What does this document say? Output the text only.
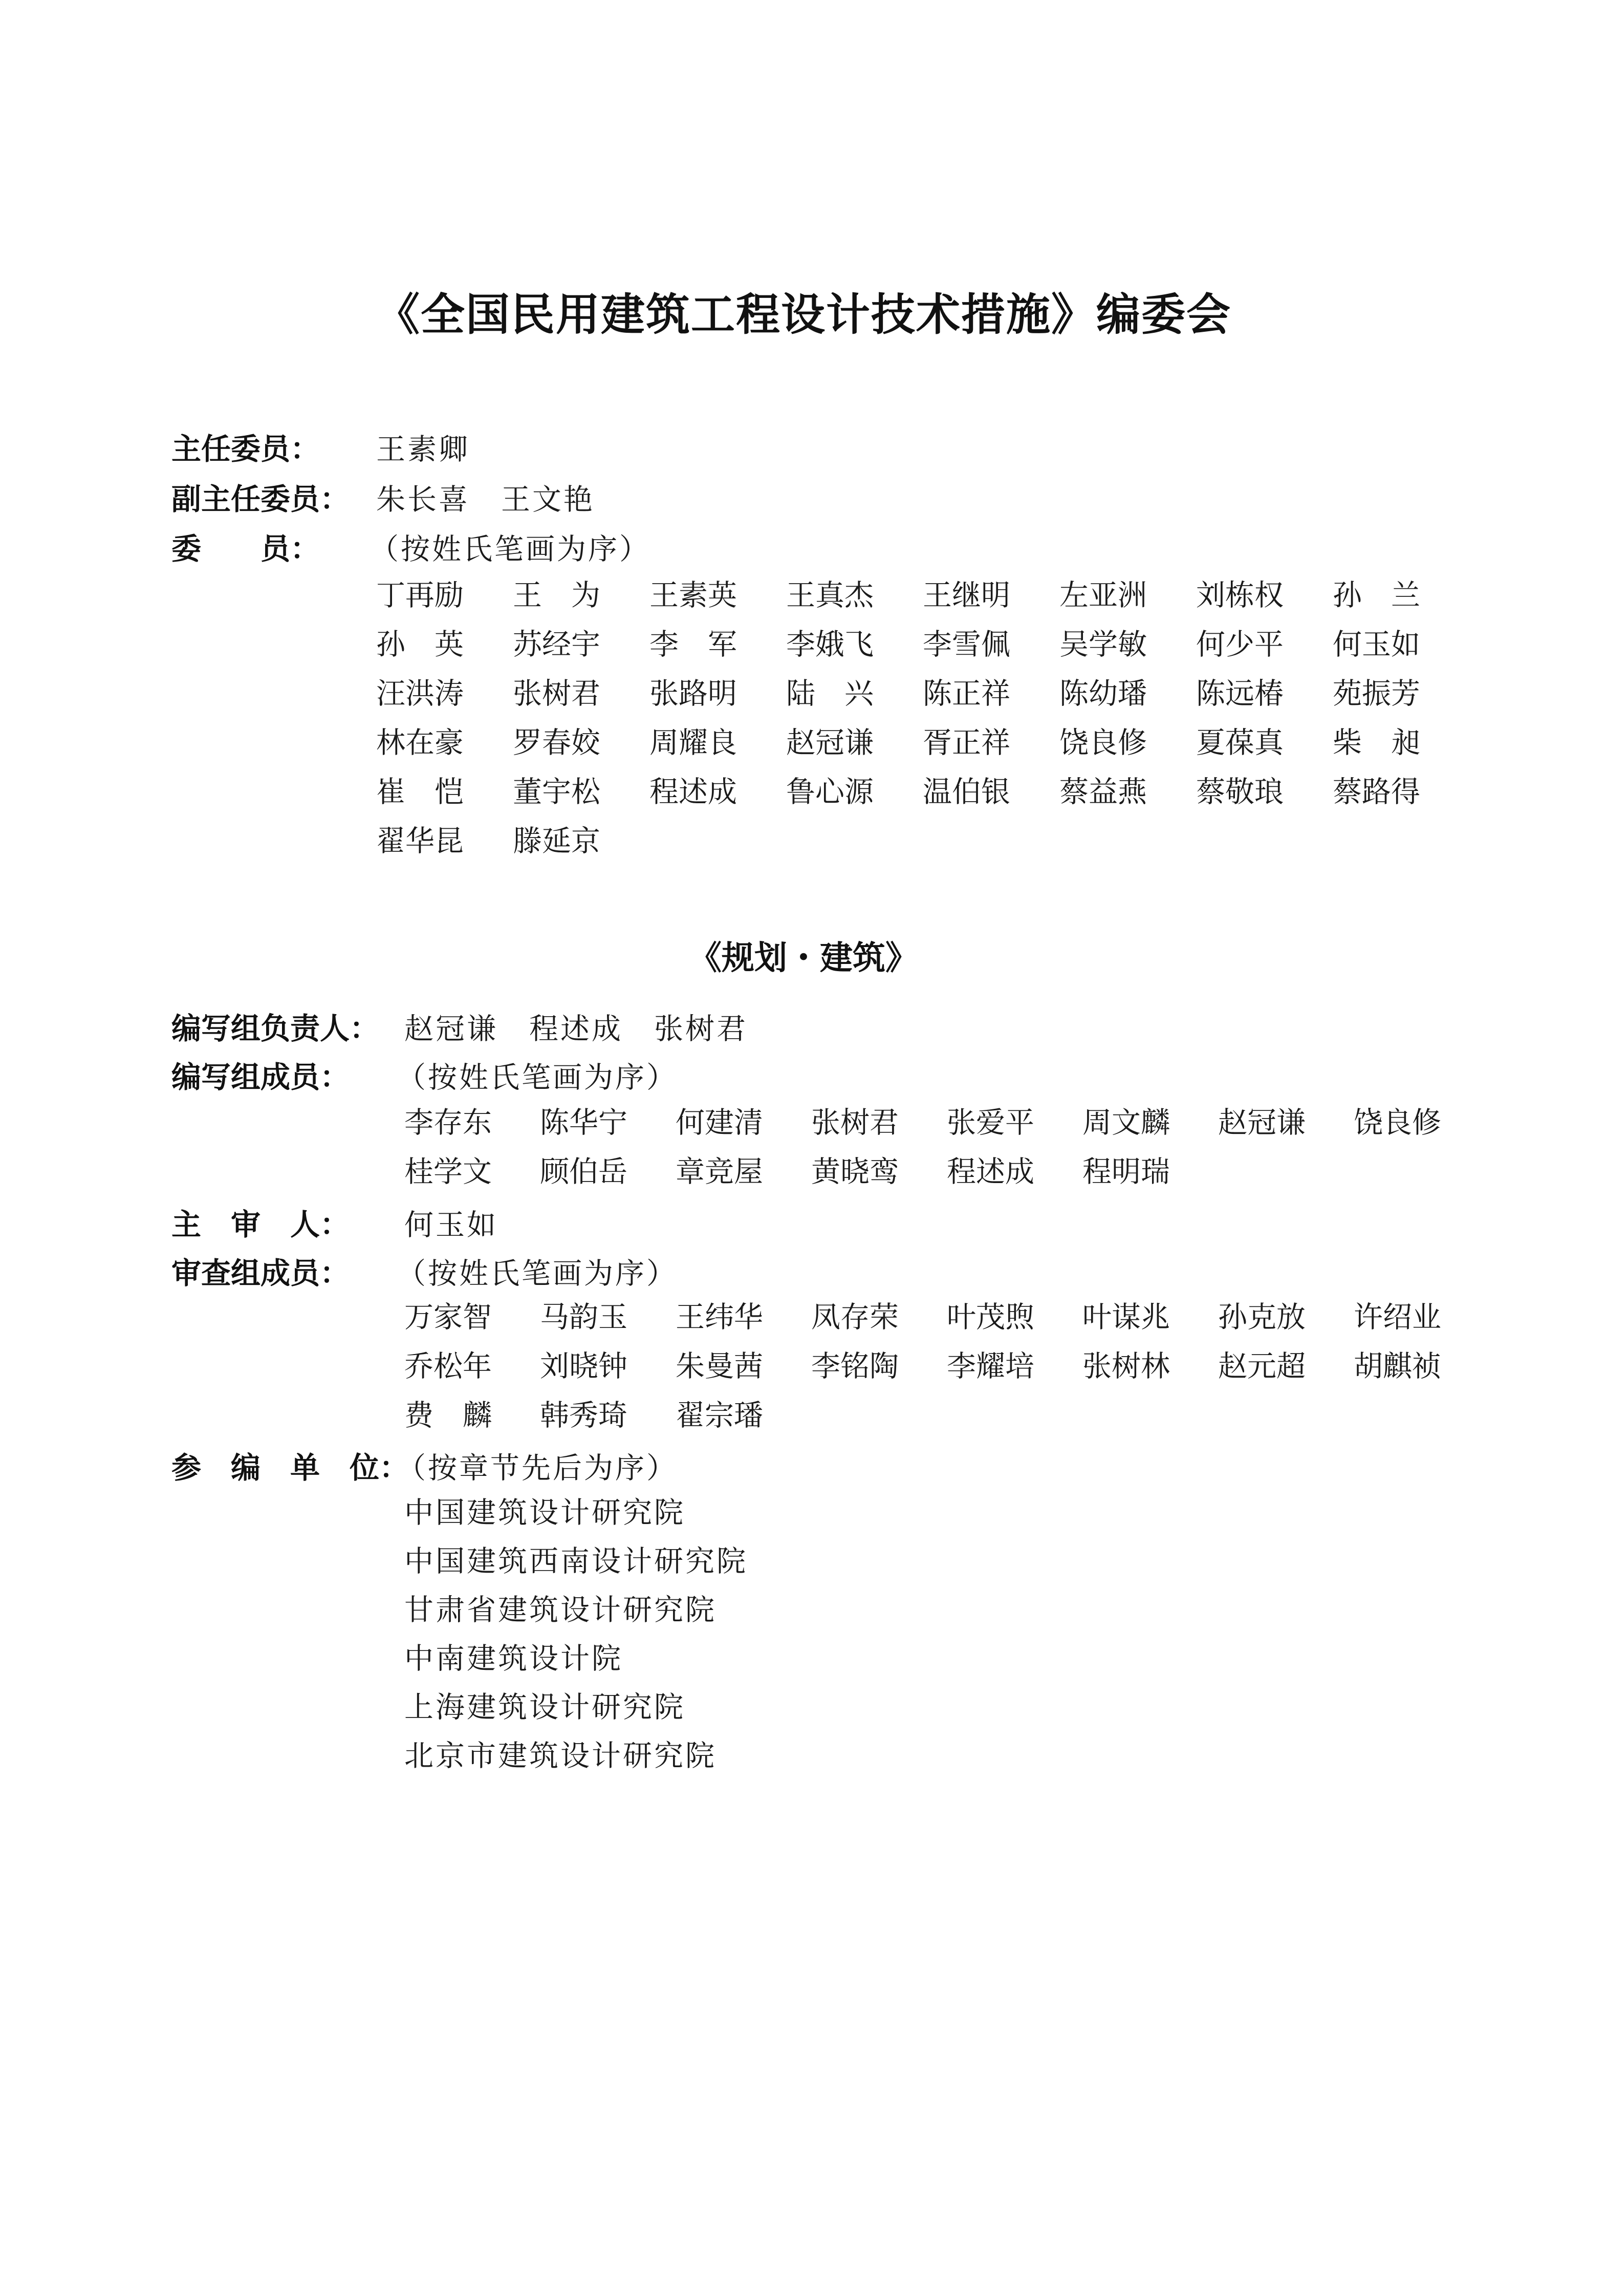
《全国民用建筑工程设计技术措施》编委会
主任委员： 王素卿
副主任委员： 朱长喜　王文艳
委　　员： （按姓氏笔画为序）
丁再励	王　为	王素英	王真杰	王继明	左亚洲	刘栋权	孙　兰
孙　英	苏经宇	李　军	李娥飞	李雪佩	吴学敏	何少平	何玉如
汪洪涛	张树君	张路明	陆　兴	陈正祥	陈幼璠	陈远椿	苑振芳
林在豪	罗春姣	周耀良	赵冠谦	胥正祥	饶良修	夏葆真	柴　昶
崔　恺	董宇松	程述成	鲁心源	温伯银	蔡益燕	蔡敬琅	蔡路得
翟华昆	滕延京
《规划・建筑》
编写组负责人： 赵冠谦　程述成　张树君
编写组成员： （按姓氏笔画为序）
李存东	陈华宁	何建清	张树君	张爱平	周文麟	赵冠谦	饶良修
桂学文	顾伯岳	章竞屋	黄晓鸾	程述成	程明瑞
主　审　人： 何玉如
审查组成员： （按姓氏笔画为序）
万家智	马韵玉	王纬华	凤存荣	叶茂煦	叶谋兆	孙克放	许绍业
乔松年	刘晓钟	朱曼茜	李铭陶	李耀培	张树林	赵元超	胡麒祯
费　麟	韩秀琦	翟宗璠
参　编　单　位：
（按章节先后为序）
中国建筑设计研究院
中国建筑西南设计研究院
甘肃省建筑设计研究院
中南建筑设计院
上海建筑设计研究院
北京市建筑设计研究院
